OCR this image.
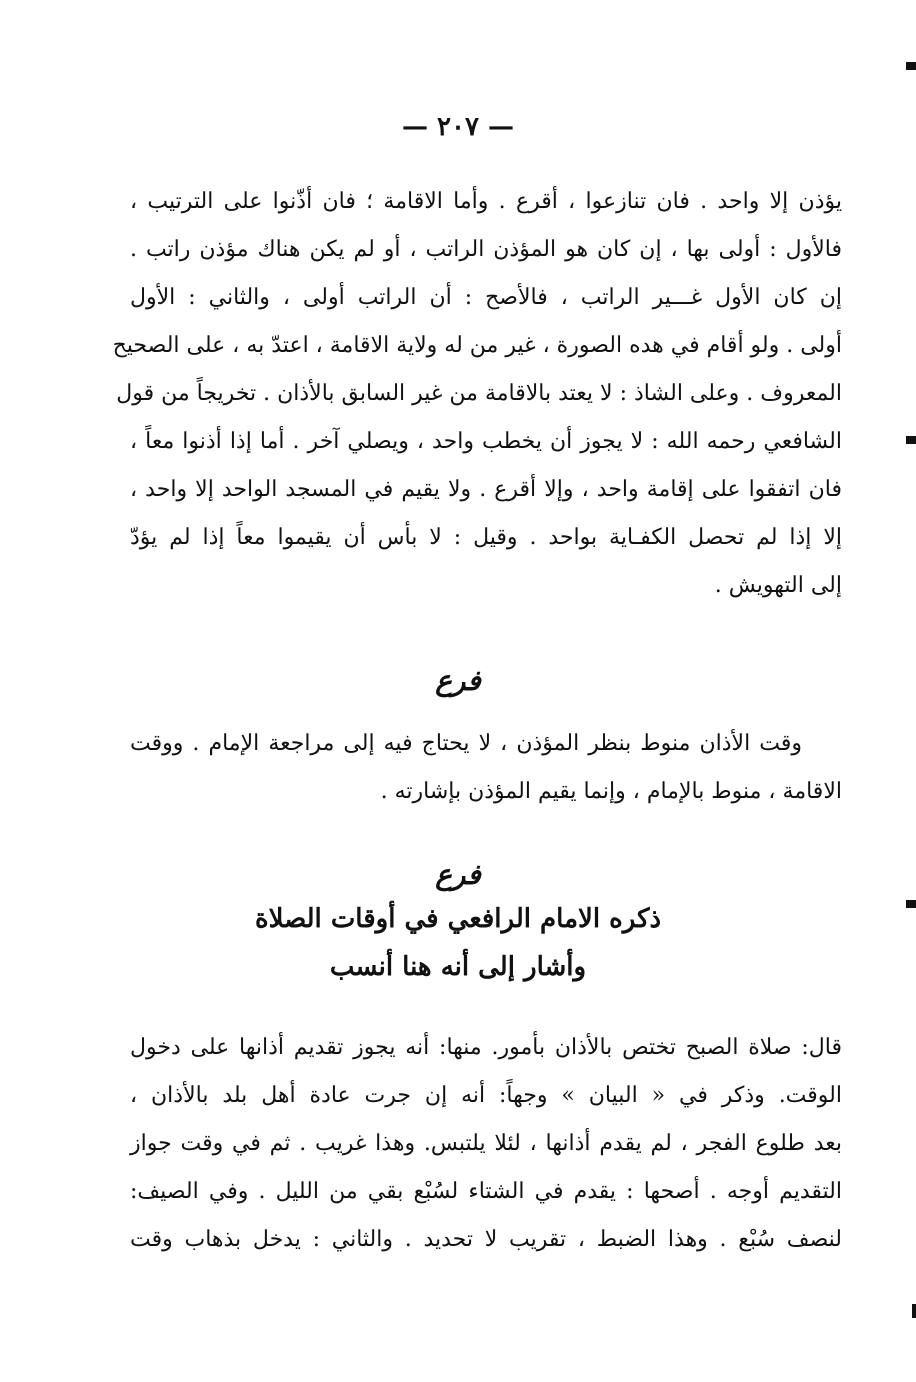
— ٢٠٧ —
يؤذن إلا واحد . فان تنازعوا ، أقرع . وأما الاقامة ؛ فان أذّنوا على الترتيب ،
فالأول : أولى بها ، إن كان هو المؤذن الراتب ، أو لم يكن هناك مؤذن راتب .
إن كان الأول غـــير الراتب ، فالأصح : أن الراتب أولى ، والثاني : الأول
أولى . ولو أقام في هده الصورة ، غير من له ولاية الاقامة ، اعتدّ به ، على الصحيح
المعروف . وعلى الشاذ : لا يعتد بالاقامة من غير السابق بالأذان . تخريجاً من قول
الشافعي رحمه الله : لا يجوز أن يخطب واحد ، ويصلي آخر . أما إذا أذنوا معاً ،
فان اتفقوا على إقامة واحد ، وإلا أقرع . ولا يقيم في المسجد الواحد إلا واحد ،
إلا إذا لم تحصل الكفـاية بواحد . وقيل : لا بأس أن يقيموا معاً إذا لم يؤدّ
إلى التهويش .
فرع
وقت الأذان منوط بنظر المؤذن ، لا يحتاج فيه إلى مراجعة الإمام . ووقت
الاقامة ، منوط بالإمام ، وإنما يقيم المؤذن بإشارته .
فرع
ذكره الامام الرافعي في أوقات الصلاة
وأشار إلى أنه هنا أنسب
قال: صلاة الصبح تختص بالأذان بأمور. منها: أنه يجوز تقديم أذانها على دخول
الوقت. وذكر في « البيان » وجهاً: أنه إن جرت عادة أهل بلد بالأذان ،
بعد طلوع الفجر ، لم يقدم أذانها ، لئلا يلتبس. وهذا غريب . ثم في وقت جواز
التقديم أوجه . أصحها : يقدم في الشتاء لسُبْع بقي من الليل . وفي الصيف:
لنصف سُبْع . وهذا الضبط ، تقريب لا تحديد . والثاني : يدخل بذهاب وقت
